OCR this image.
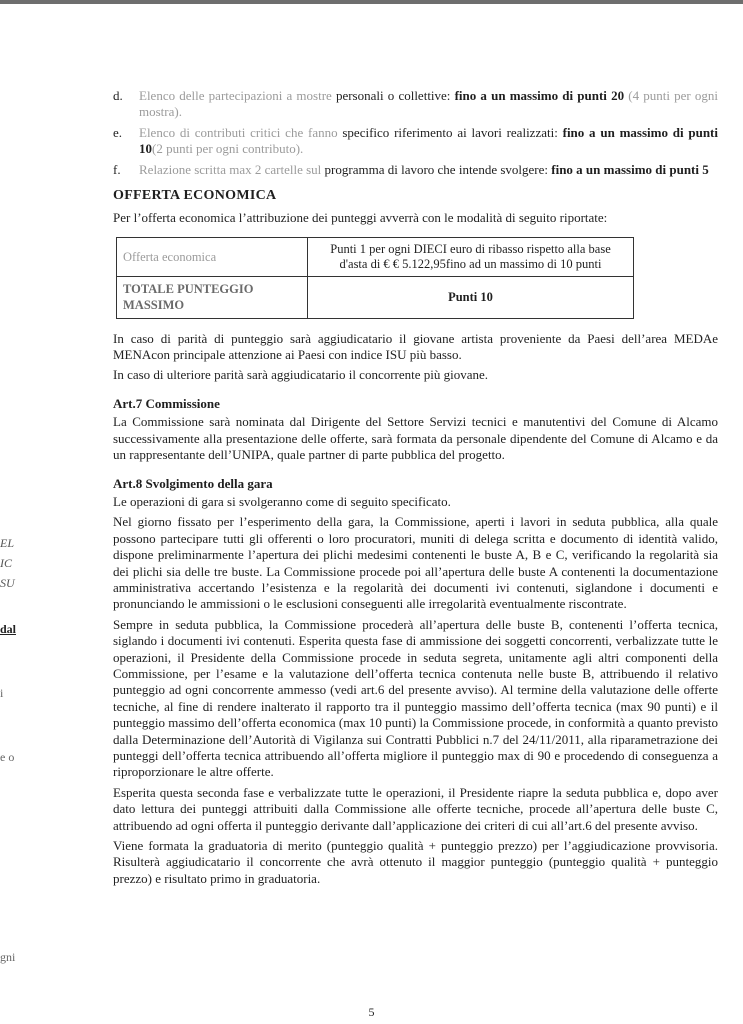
d. Elenco delle partecipazioni a mostre personali o collettive: fino a un massimo di punti 20 (4 punti per ogni mostra).
e. Elenco di contributi critici che fanno specifico riferimento ai lavori realizzati: fino a un massimo di punti 10(2 punti per ogni contributo).
f. Relazione scritta max 2 cartelle sul programma di lavoro che intende svolgere: fino a un massimo di punti 5
OFFERTA ECONOMICA

Per l’offerta economica l’attribuzione dei punteggi avverrà con le modalità di seguito riportate:

Offerta economica	Punti 1 per ogni DIECI euro di ribasso rispetto alla base
d'asta di € € 5.122,95fino ad un massimo di 10 punti

TOTALE PUNTEGGIO MASSIMO	Punti 10

In caso di parità di punteggio sarà aggiudicatario il giovane artista proveniente da Paesi dell’area MEDAe MENAcon principale attenzione ai Paesi con indice ISU più basso.

In caso di ulteriore parità sarà aggiudicatario il concorrente più giovane.

Art.7 Commissione

La Commissione sarà nominata dal Dirigente del Settore Servizi tecnici e manutentivi del Comune di Alcamo successivamente alla presentazione delle offerte, sarà formata da personale dipendente del Comune di Alcamo e da un rappresentante dell’UNIPA, quale partner di parte pubblica del progetto.

Art.8 Svolgimento della gara

Le operazioni di gara si svolgeranno come di seguito specificato.

Nel giorno fissato per l’esperimento della gara, la Commissione, aperti i lavori in seduta pubblica, alla quale possono partecipare tutti gli offerenti o loro procuratori, muniti di delega scritta e documento di identità valido, dispone preliminarmente l’apertura dei plichi medesimi contenenti le buste A, B e C, verificando la regolarità sia dei plichi sia delle tre buste. La Commissione procede poi all’apertura delle buste A contenenti la documentazione amministrativa accertando l’esistenza e la regolarità dei documenti ivi contenuti, siglandone i documenti e pronunciando le ammissioni o le esclusioni conseguenti alle irregolarità eventualmente riscontrate.

Sempre in seduta pubblica, la Commissione procederà all’apertura delle buste B, contenenti l’offerta tecnica, siglando i documenti ivi contenuti. Esperita questa fase di ammissione dei soggetti concorrenti, verbalizzate tutte le operazioni, il Presidente della Commissione procede in seduta segreta, unitamente agli altri componenti della Commissione, per l’esame e la valutazione dell’offerta tecnica contenuta nelle buste B, attribuendo il relativo punteggio ad ogni concorrente ammesso (vedi art.6 del presente avviso). Al termine della valutazione delle offerte tecniche, al fine di rendere inalterato il rapporto tra il punteggio massimo dell’offerta tecnica (max 90 punti) e il punteggio massimo dell’offerta economica (max 10 punti) la Commissione procede, in conformità a quanto previsto dalla Determinazione dell’Autorità di Vigilanza sui Contratti Pubblici n.7 del 24/11/2011, alla riparametrazione dei punteggi dell’offerta tecnica attribuendo all’offerta migliore il punteggio max di 90 e procedendo di conseguenza a riproporzionare le altre offerte.

Esperita questa seconda fase e verbalizzate tutte le operazioni, il Presidente riapre la seduta pubblica e, dopo aver dato lettura dei punteggi attribuiti dalla Commissione alle offerte tecniche, procede all’apertura delle buste C, attribuendo ad ogni offerta il punteggio derivante dall’applicazione dei criteri di cui all’art.6 del presente avviso.

Viene formata la graduatoria di merito (punteggio qualità + punteggio prezzo) per l’aggiudicazione provvisoria. Risulterà aggiudicatario il concorrente che avrà ottenuto il maggior punteggio (punteggio qualità + punteggio prezzo) e risultato primo in graduatoria.

EL
IC
SU
dal
i
e o
gni
5
